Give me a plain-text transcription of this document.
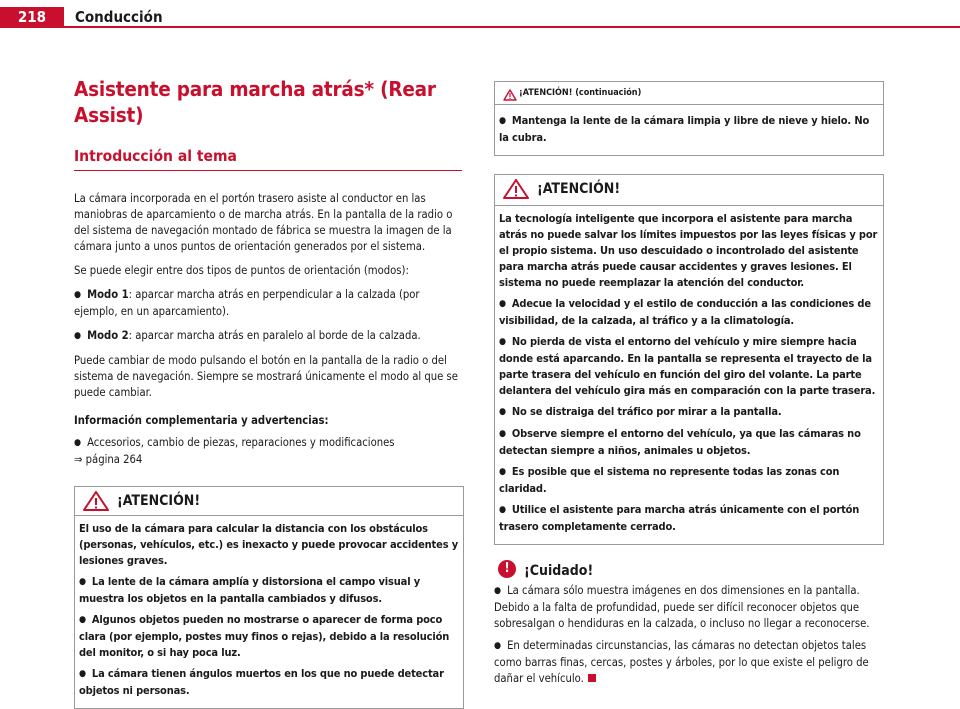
218	Conducción
Asistente para marcha atrás* (Rear Assist)
Introducción al tema

La cámara incorporada en el portón trasero asiste al conductor en las maniobras de aparcamiento o de marcha atrás. En la pantalla de la radio o del sistema de navegación montado de fábrica se muestra la imagen de la cámara junto a unos puntos de orientación generados por el sistema.

Se puede elegir entre dos tipos de puntos de orientación (modos):

● Modo 1: aparcar marcha atrás en perpendicular a la calzada (por ejemplo, en un aparcamiento).

● Modo 2: aparcar marcha atrás en paralelo al borde de la calzada.

Puede cambiar de modo pulsando el botón en la pantalla de la radio o del sistema de navegación. Siempre se mostrará únicamente el modo al que se puede cambiar.

Información complementaria y advertencias:

● Accesorios, cambio de piezas, reparaciones y modificaciones

⇒ página 264

¡ATENCIÓN!

El uso de la cámara para calcular la distancia con los obstáculos (personas, vehículos, etc.) es inexacto y puede provocar accidentes y lesiones graves.

● La lente de la cámara amplía y distorsiona el campo visual y muestra los objetos en la pantalla cambiados y difusos.

● Algunos objetos pueden no mostrarse o aparecer de forma poco clara (por ejemplo, postes muy finos o rejas), debido a la resolución del monitor, o si hay poca luz.

● La cámara tienen ángulos muertos en los que no puede detectar objetos ni personas.

¡ATENCIÓN! (continuación)

● Mantenga la lente de la cámara limpia y libre de nieve y hielo. No la cubra.

¡ATENCIÓN!

La tecnología inteligente que incorpora el asistente para marcha atrás no puede salvar los límites impuestos por las leyes físicas y por el propio sistema. Un uso descuidado o incontrolado del asistente para marcha atrás puede causar accidentes y graves lesiones. El sistema no puede reemplazar la atención del conductor.

● Adecue la velocidad y el estilo de conducción a las condiciones de visibilidad, de la calzada, al tráfico y a la climatología.

● No pierda de vista el entorno del vehículo y mire siempre hacia donde está aparcando. En la pantalla se representa el trayecto de la parte trasera del vehículo en función del giro del volante. La parte delantera del vehículo gira más en comparación con la parte trasera.

● No se distraiga del tráfico por mirar a la pantalla.

● Observe siempre el entorno del vehículo, ya que las cámaras no detectan siempre a niños, animales u objetos.

● Es posible que el sistema no represente todas las zonas con claridad.

● Utilice el asistente para marcha atrás únicamente con el portón trasero completamente cerrado.

!	¡Cuidado!

● La cámara sólo muestra imágenes en dos dimensiones en la pantalla. Debido a la falta de profundidad, puede ser difícil reconocer objetos que sobresalgan o hendiduras en la calzada, o incluso no llegar a reconocerse.

● En determinadas circunstancias, las cámaras no detectan objetos tales como barras finas, cercas, postes y árboles, por lo que existe el peligro de dañar el vehículo.
